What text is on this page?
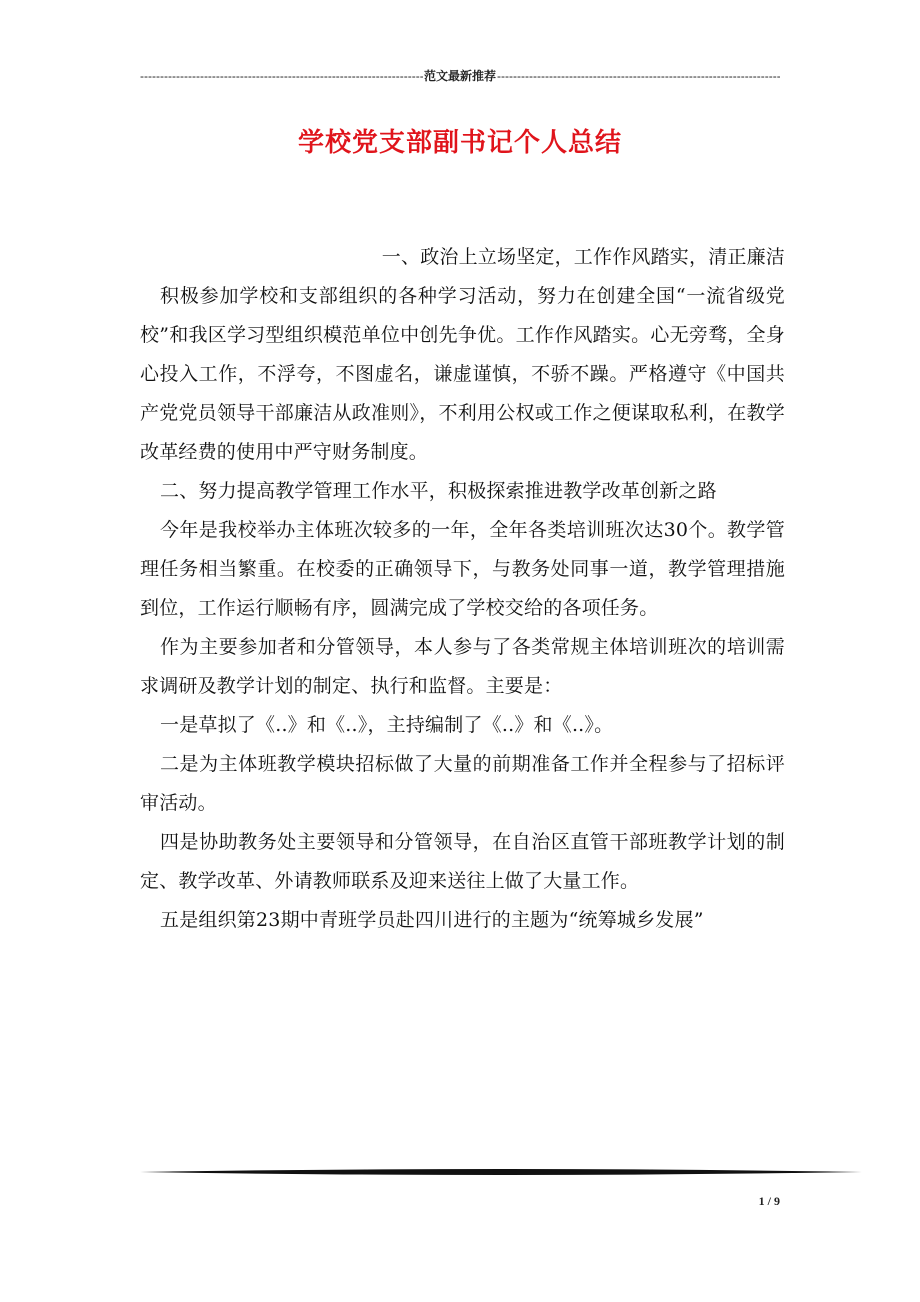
-----
范文最新推荐
-----
学校党支部副书记个人总结

一、政治上立场坚定，工作作风踏实，清正廉洁

积极参加学校和支部组织的各种学习活动，努力在创建全国“一流省级党校”和我区学习型组织模范单位中创先争优。工作作风踏实。心无旁骛，全身心投入工作，不浮夸，不图虚名，谦虚谨慎，不骄不躁。严格遵守《中国共产党党员领导干部廉洁从政准则》，不利用公权或工作之便谋取私利，在教学改革经费的使用中严守财务制度。

二、努力提高教学管理工作水平，积极探索推进教学改革创新之路

今年是我校举办主体班次较多的一年，全年各类培训班次达30个。教学管理任务相当繁重。在校委的正确领导下，与教务处同事一道，教学管理措施到位，工作运行顺畅有序，圆满完成了学校交给的各项任务。

作为主要参加者和分管领导，本人参与了各类常规主体培训班次的培训需求调研及教学计划的制定、执行和监督。主要是：

一是草拟了《..》和《..》，主持编制了《..》和《..》。

二是为主体班教学模块招标做了大量的前期准备工作并全程参与了招标评审活动。

四是协助教务处主要领导和分管领导，在自治区直管干部班教学计划的制定、教学改革、外请教师联系及迎来送往上做了大量工作。

五是组织第23期中青班学员赴四川进行的主题为“统筹城乡发展”

1 / 9
